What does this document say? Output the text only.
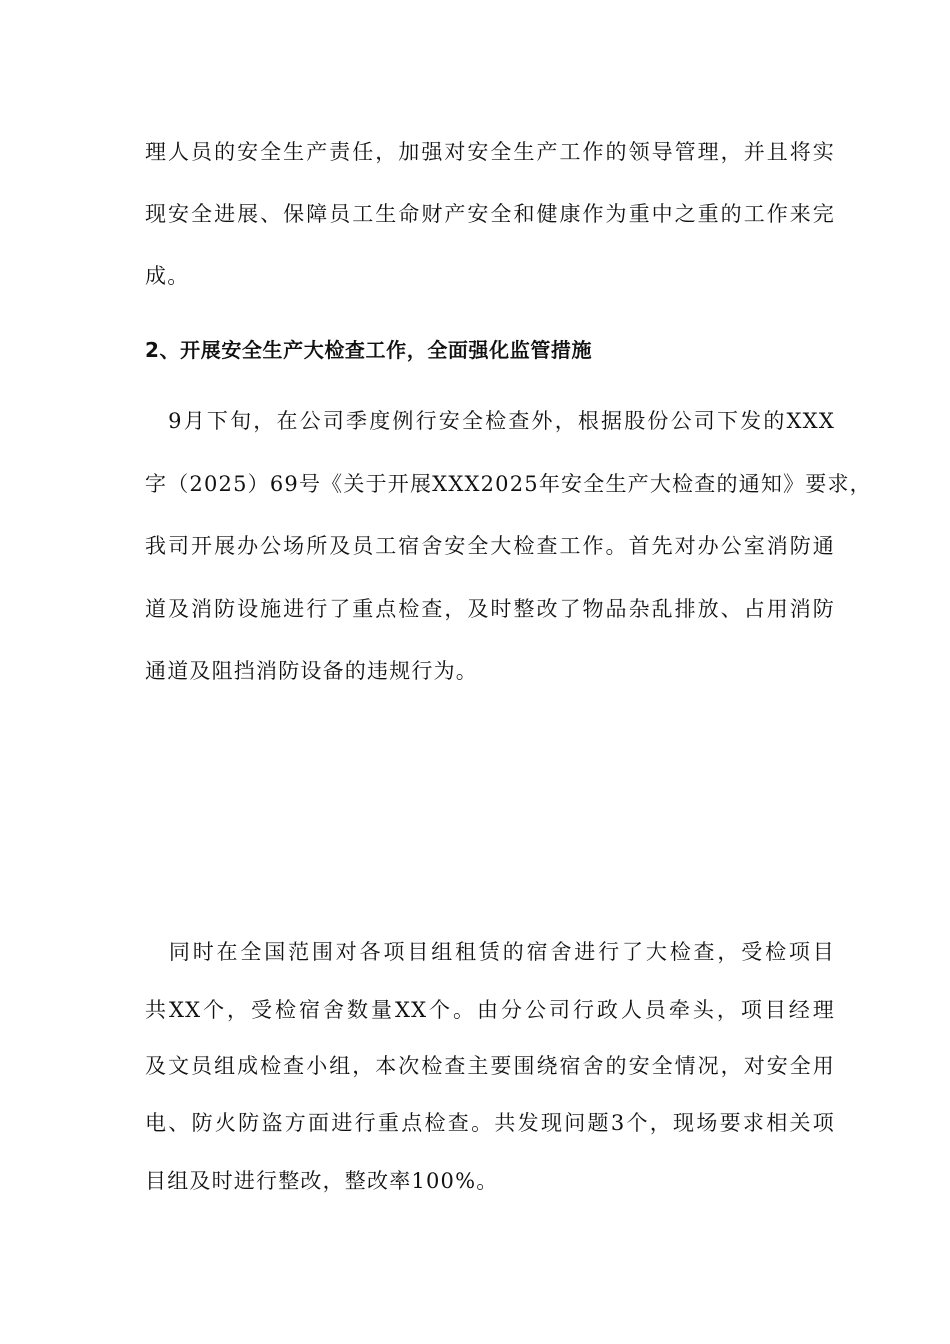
理人员的安全生产责任，加强对安全生产工作的领导管理，并且将实
现安全进展、保障员工生命财产安全和健康作为重中之重的工作来完
成。
2、开展安全生产大检查工作，全面强化监管措施
　9月下旬，在公司季度例行安全检查外，根据股份公司下发的XXX
字（2025）69号《关于开展XXX2025年安全生产大检查的通知》要求，
我司开展办公场所及员工宿舍安全大检查工作。首先对办公室消防通
道及消防设施进行了重点检查，及时整改了物品杂乱排放、占用消防
通道及阻挡消防设备的违规行为。
　同时在全国范围对各项目组租赁的宿舍进行了大检查，受检项目
共XX个，受检宿舍数量XX个。由分公司行政人员牵头，项目经理
及文员组成检查小组，本次检查主要围绕宿舍的安全情况，对安全用
电、防火防盗方面进行重点检查。共发现问题3个，现场要求相关项
目组及时进行整改，整改率100%。
